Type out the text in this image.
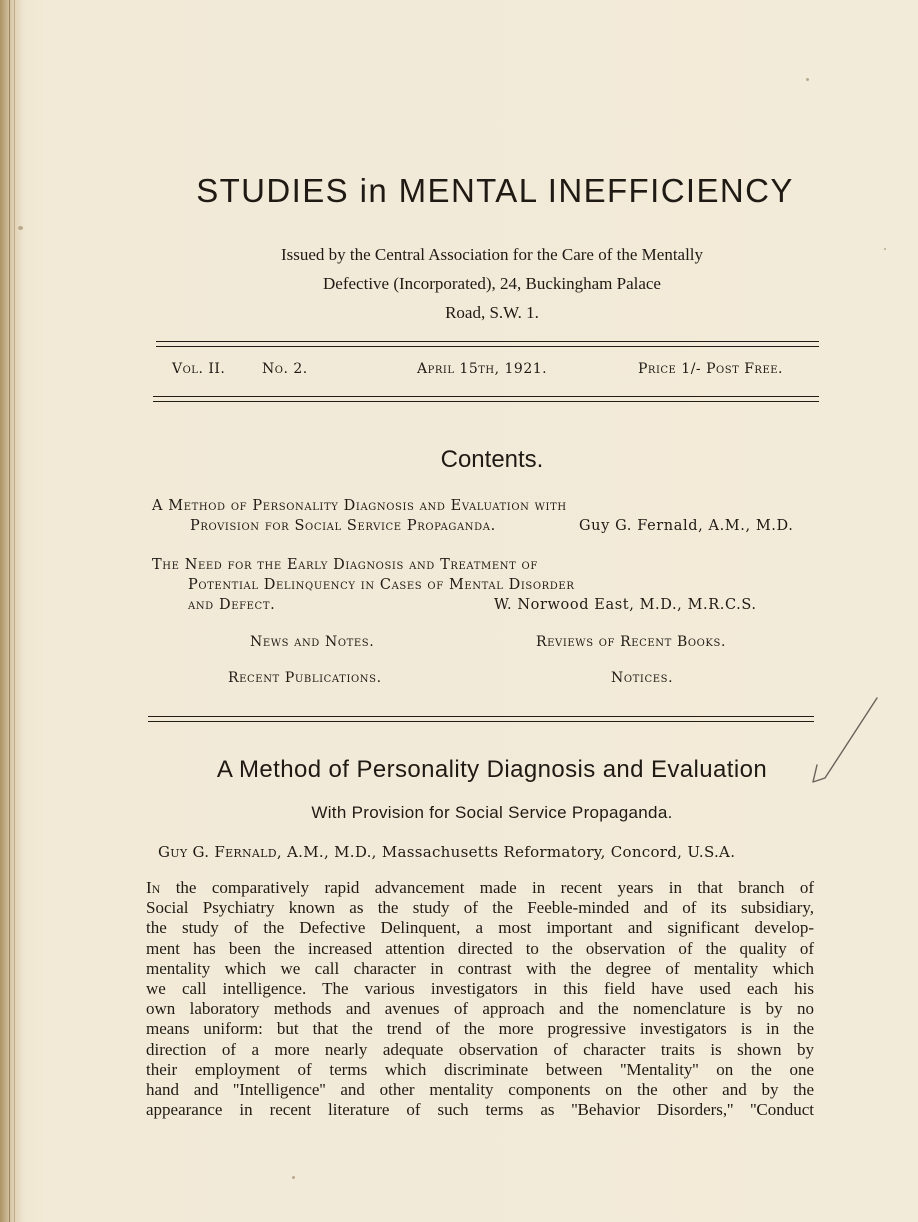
STUDIES in MENTAL INEFFICIENCY
Issued by the Central Association for the Care of the Mentally
Defective (Incorporated), 24, Buckingham Palace
Road, S.W. 1.
Vol. II.	No. 2.	April 15th, 1921.	Price 1/- Post Free.
Contents.
A Method of Personality Diagnosis and Evaluation with
Provision for Social Service Propaganda.	Guy G. Fernald, A.M., M.D.
The Need for the Early Diagnosis and Treatment of
Potential Delinquency in Cases of Mental Disorder
and Defect.	W. Norwood East, M.D., M.R.C.S.
News and Notes.	Reviews of Recent Books.
Recent Publications.	Notices.
A Method of Personality Diagnosis and Evaluation
With Provision for Social Service Propaganda.
Guy G. Fernald, A.M., M.D., Massachusetts Reformatory, Concord, U.S.A.
In the comparatively rapid advancement made in recent years in that branch of
Social Psychiatry known as the study of the Feeble-minded and of its subsidiary,
the study of the Defective Delinquent, a most important and significant develop-
ment has been the increased attention directed to the observation of the quality of
mentality which we call character in contrast with the degree of mentality which
we call intelligence. The various investigators in this field have used each his
own laboratory methods and avenues of approach and the nomenclature is by no
means uniform: but that the trend of the more progressive investigators is in the
direction of a more nearly adequate observation of character traits is shown by
their employment of terms which discriminate between ''Mentality'' on the one
hand and ''Intelligence'' and other mentality components on the other and by the
appearance in recent literature of such terms as ''Behavior Disorders,'' ''Conduct
